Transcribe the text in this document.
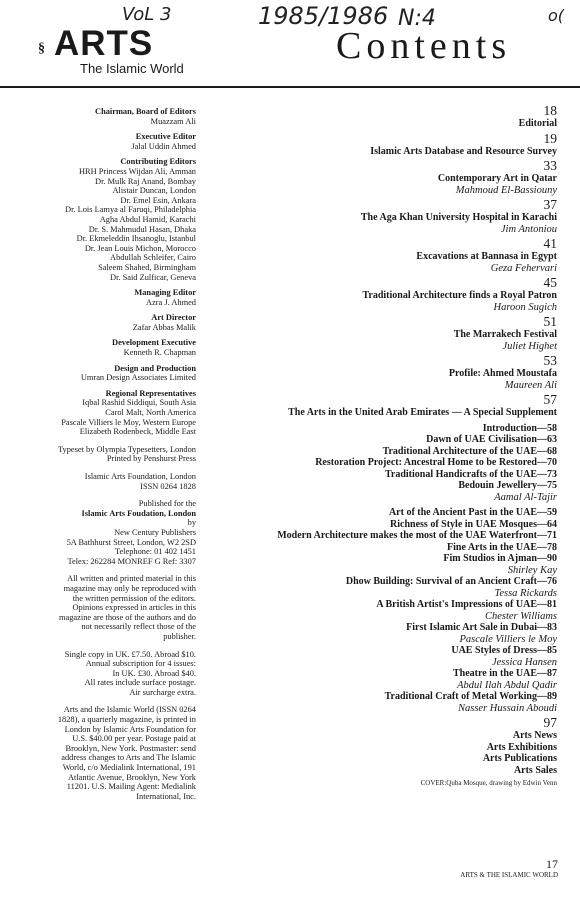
VoL 3	1985/1986 N:4	o(
§ ARTS
The Islamic World
Contents
Chairman, Board of Editors
Muazzam Ali
Executive Editor
Jalal Uddin Ahmed
Contributing Editors
HRH Princess Wijdan Ali, Amman
Dr. Mulk Raj Anand, Bombay
Alistair Duncan, London
Dr. Emel Esin, Ankara
Dr. Lois Lamya al Faruqi, Philadelphia
Agha Abdul Hamid, Karachi
Dr. S. Mahmudul Hasan, Dhaka
Dr. Ekmeleddin Ihsanoglu, Istanbul
Dr. Jean Louis Michon, Morocco
Abdullah Schleifer, Cairo
Saleem Shahed, Birmingham
Dr. Said Zulficar, Geneva
Managing Editor
Azra J. Ahmed
Art Director
Zafar Abbas Malik
Development Executive
Kenneth R. Chapman
Design and Production
Umran Design Associates Limited
Regional Representatives
Iqbal Rashid Siddiqui, South Asia
Carol Malt, North America
Pascale Villiers le Moy, Western Europe
Elizabeth Rodenbeck, Middle East
Typeset by Olympia Typesetters, London
Printed by Penshurst Press
Islamic Arts Foundation, London
ISSN 0264 1828
Published for the
Islamic Arts Foudation, London
by
New Century Publishers
5A Bathhurst Street, London, W2 2SD
Telephone: 01 402 1451
Telex: 262284 MONREF G Ref: 3307
All written and printed material in this
magazine may only be reproduced with
the written permission of the editors.
Opinions expressed in articles in this
magazine are those of the authors and do
not necessarily reflect those of the
publisher.
Single copy in UK. £7.50. Abroad $10.
Annual subscription for 4 issues:
In UK. £30. Abroad $40.
All rates include surface postage.
Air surcharge extra.
Arts and the Islamic World (ISSN 0264
1828), a quarterly magazine, is printed in
London by Islamic Arts Foundation for
U.S. $40.00 per year. Postage paid at
Brooklyn, New York. Postmaster: send
address changes to Arts and The Islamic
World, c/o Medialink International, 191
Atlantic Avenue, Brooklyn, New York
11201. U.S. Mailing Agent: Medialink
International, Inc.
18
Editorial
19
Islamic Arts Database and Resource Survey
33
Contemporary Art in Qatar
Mahmoud El-Bassiouny
37
The Aga Khan University Hospital in Karachi
Jim Antoniou
41
Excavations at Bannasa in Egypt
Geza Fehervari
45
Traditional Architecture finds a Royal Patron
Haroon Sugich
51
The Marrakech Festival
Juliet Highet
53
Profile: Ahmed Moustafa
Maureen Ali
57
The Arts in the United Arab Emirates — A Special Supplement
Introduction—58
Dawn of UAE Civilisation—63
Traditional Architecture of the UAE—68
Restoration Project: Ancestral Home to be Restored—70
Traditional Handicrafts of the UAE—73
Bedouin Jewellery—75
Aamal Al-Tajir
Art of the Ancient Past in the UAE—59
Richness of Style in UAE Mosques—64
Modern Architecture makes the most of the UAE Waterfront—71
Fine Arts in the UAE—78
Fim Studios in Ajman—90
Shirley Kay
Dhow Building: Survival of an Ancient Craft—76
Tessa Rickards
A British Artist's Impressions of UAE—81
Chester Williams
First Islamic Art Sale in Dubai—83
Pascale Villiers le Moy
UAE Styles of Dress—85
Jessica Hansen
Theatre in the UAE—87
Abdul Ilah Abdul Qadir
Traditional Craft of Metal Working—89
Nasser Hussain Aboudi
97
Arts News
Arts Exhibitions
Arts Publications
Arts Sales
COVER:Quba Mosque, drawing by Edwin Venn
17
ARTS & THE ISLAMIC WORLD
